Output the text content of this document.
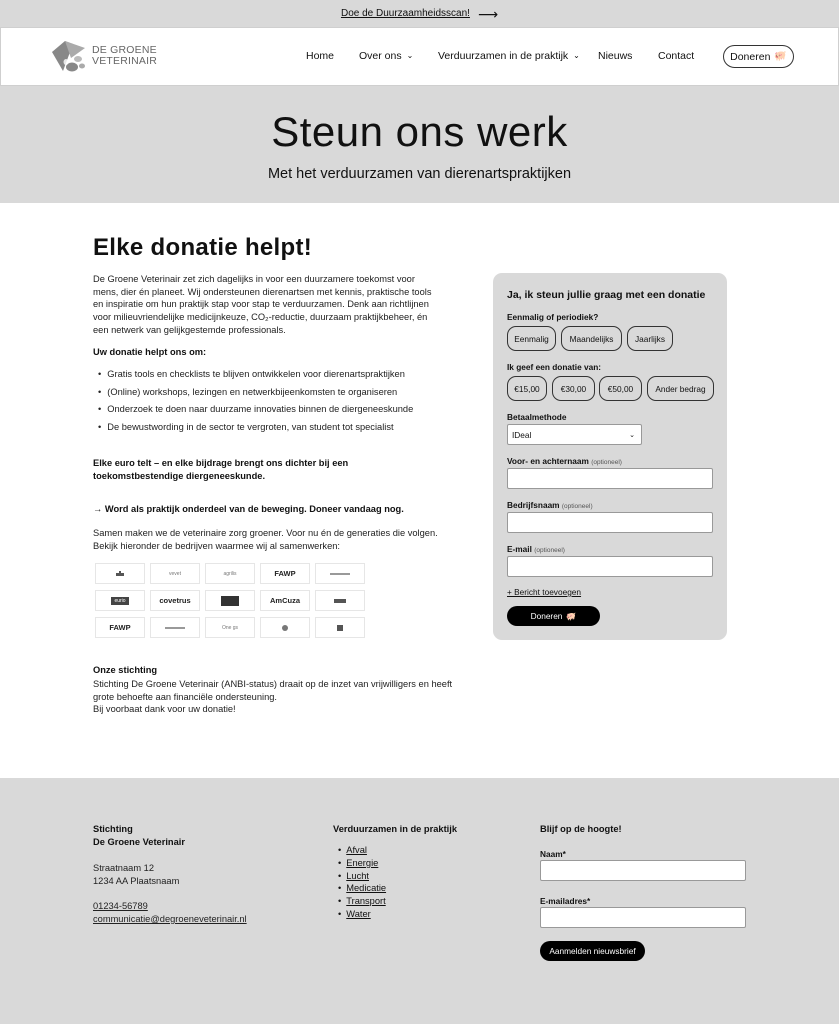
Doe de Duurzaamheidsscan! ⟶
DE GROENE
VETERINAIR	Home Over ons ⌄ Verduurzamen in de praktijk ⌄ Nieuws Contact	Doneren 🐖
Steun ons werk
Met het verduurzamen van dierenartspraktijken
Elke donatie helpt!

De Groene Veterinair zet zich dagelijks in voor een duurzamere toekomst voor mens, dier én planeet. Wij ondersteunen dierenartsen met kennis, praktische tools en inspiratie om hun praktijk stap voor stap te verduurzamen. Denk aan richtlijnen voor milieuvriendelijke medicijnkeuze, CO₂-reductie, duurzaam praktijkbeheer, én een netwerk van gelijkgestemde professionals.

Uw donatie helpt ons om:
• Gratis tools en checklists te blijven ontwikkelen voor dierenartspraktijken
• (Online) workshops, lezingen en netwerkbijeenkomsten te organiseren
• Onderzoek te doen naar duurzame innovaties binnen de diergeneeskunde
• De bewustwording in de sector te vergroten, van student tot specialist

Elke euro telt – en elke bijdrage brengt ons dichter bij een toekomstbestendige diergeneeskunde.

→ Word als praktijk onderdeel van de beweging. Doneer vandaag nog.

Samen maken we de veterinaire zorg groener. Voor nu én de generaties die volgen. Bekijk hieronder de bedrijven waarmee wij al samenwerken:

vevet	agrilis	FAWP
eurio	covetrus	AmCuza
FAWP	One gs
Onze stichting
Stichting De Groene Veterinair (ANBI-status) draait op de inzet van vrijwilligers en heeft grote behoefte aan financiële ondersteuning.
Bij voorbaat dank voor uw donatie!
Ja, ik steun jullie graag met een donatie
Eenmalig of periodiek?
Eenmalig	Maandelijks	Jaarlijks
Ik geef een donatie van:
€15,00	€30,00	€50,00	Ander bedrag
Betaalmethode
IDeal	⌄
Voor- en achternaam (optioneel)
Bedrijfsnaam (optioneel)
E-mail (optioneel)
+ Bericht toevoegen
Doneren 🐖
Stichting
De Groene Veterinair
Straatnaam 12
1234 AA Plaatsnaam
01234-56789
communicatie@degroeneveterinair.nl
Verduurzamen in de praktijk
• Afval
• Energie
• Lucht
• Medicatie
• Transport
• Water
Blijf op de hoogte!
Naam*
E-mailadres*
Aanmelden nieuwsbrief
